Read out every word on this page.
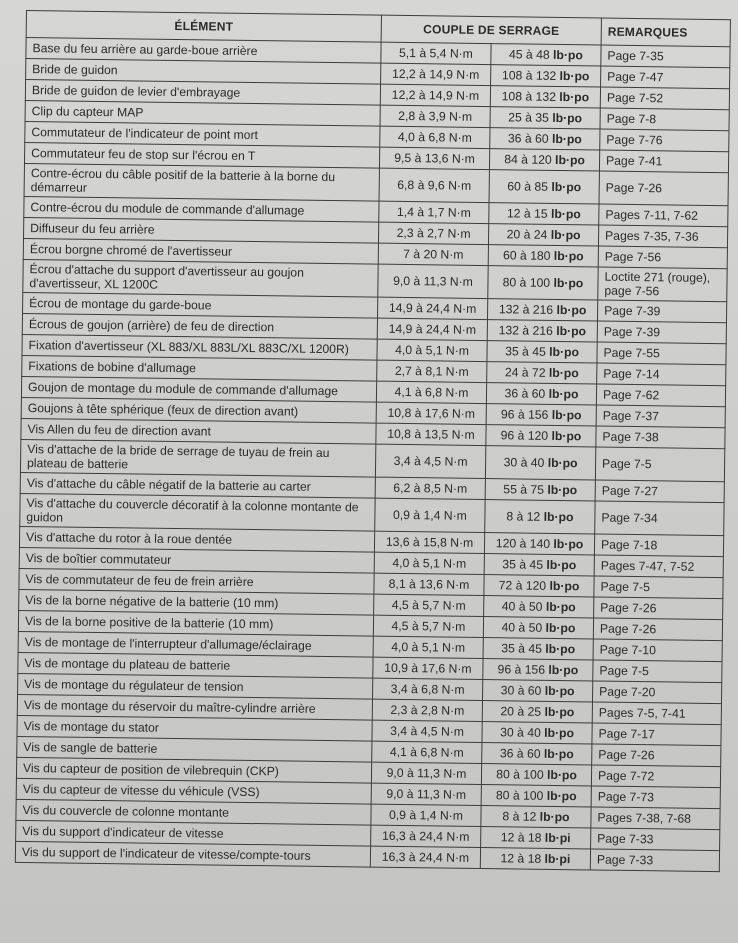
ÉLÉMENT	COUPLE DE SERRAGE		REMARQUES
Base du feu arrière au garde-boue arrière	5,1 à 5,4 N·m	45 à 48 lb·po	Page 7-35
Bride de guidon	12,2 à 14,9 N·m	108 à 132 lb·po	Page 7-47
Bride de guidon de levier d'embrayage	12,2 à 14,9 N·m	108 à 132 lb·po	Page 7-52
Clip du capteur MAP	2,8 à 3,9 N·m	25 à 35 lb·po	Page 7-8
Commutateur de l'indicateur de point mort	4,0 à 6,8 N·m	36 à 60 lb·po	Page 7-76
Commutateur feu de stop sur l'écrou en T	9,5 à 13,6 N·m	84 à 120 lb·po	Page 7-41
Contre-écrou du câble positif de la batterie à la borne du démarreur	6,8 à 9,6 N·m	60 à 85 lb·po	Page 7-26
Contre-écrou du module de commande d'allumage	1,4 à 1,7 N·m	12 à 15 lb·po	Pages 7-11, 7-62
Diffuseur du feu arrière	2,3 à 2,7 N·m	20 à 24 lb·po	Pages 7-35, 7-36
Écrou borgne chromé de l'avertisseur	7 à 20 N·m	60 à 180 lb·po	Page 7-56
Écrou d'attache du support d'avertisseur au goujon d'avertisseur, XL 1200C	9,0 à 11,3 N·m	80 à 100 lb·po	Loctite 271 (rouge), page 7-56
Écrou de montage du garde-boue	14,9 à 24,4 N·m	132 à 216 lb·po	Page 7-39
Écrous de goujon (arrière) de feu de direction	14,9 à 24,4 N·m	132 à 216 lb·po	Page 7-39
Fixation d'avertisseur (XL 883/XL 883L/XL 883C/XL 1200R)	4,0 à 5,1 N·m	35 à 45 lb·po	Page 7-55
Fixations de bobine d'allumage	2,7 à 8,1 N·m	24 à 72 lb·po	Page 7-14
Goujon de montage du module de commande d'allumage	4,1 à 6,8 N·m	36 à 60 lb·po	Page 7-62
Goujons à tête sphérique (feux de direction avant)	10,8 à 17,6 N·m	96 à 156 lb·po	Page 7-37
Vis Allen du feu de direction avant	10,8 à 13,5 N·m	96 à 120 lb·po	Page 7-38
Vis d'attache de la bride de serrage de tuyau de frein au plateau de batterie	3,4 à 4,5 N·m	30 à 40 lb·po	Page 7-5
Vis d'attache du câble négatif de la batterie au carter	6,2 à 8,5 N·m	55 à 75 lb·po	Page 7-27
Vis d'attache du couvercle décoratif à la colonne montante de guidon	0,9 à 1,4 N·m	8 à 12 lb·po	Page 7-34
Vis d'attache du rotor à la roue dentée	13,6 à 15,8 N·m	120 à 140 lb·po	Page 7-18
Vis de boîtier commutateur	4,0 à 5,1 N·m	35 à 45 lb·po	Pages 7-47, 7-52
Vis de commutateur de feu de frein arrière	8,1 à 13,6 N·m	72 à 120 lb·po	Page 7-5
Vis de la borne négative de la batterie (10 mm)	4,5 à 5,7 N·m	40 à 50 lb·po	Page 7-26
Vis de la borne positive de la batterie (10 mm)	4,5 à 5,7 N·m	40 à 50 lb·po	Page 7-26
Vis de montage de l'interrupteur d'allumage/éclairage	4,0 à 5,1 N·m	35 à 45 lb·po	Page 7-10
Vis de montage du plateau de batterie	10,9 à 17,6 N·m	96 à 156 lb·po	Page 7-5
Vis de montage du régulateur de tension	3,4 à 6,8 N·m	30 à 60 lb·po	Page 7-20
Vis de montage du réservoir du maître-cylindre arrière	2,3 à 2,8 N·m	20 à 25 lb·po	Pages 7-5, 7-41
Vis de montage du stator	3,4 à 4,5 N·m	30 à 40 lb·po	Page 7-17
Vis de sangle de batterie	4,1 à 6,8 N·m	36 à 60 lb·po	Page 7-26
Vis du capteur de position de vilebrequin (CKP)	9,0 à 11,3 N·m	80 à 100 lb·po	Page 7-72
Vis du capteur de vitesse du véhicule (VSS)	9,0 à 11,3 N·m	80 à 100 lb·po	Page 7-73
Vis du couvercle de colonne montante	0,9 à 1,4 N·m	8 à 12 lb·po	Pages 7-38, 7-68
Vis du support d'indicateur de vitesse	16,3 à 24,4 N·m	12 à 18 lb·pi	Page 7-33
Vis du support de l'indicateur de vitesse/compte-tours	16,3 à 24,4 N·m	12 à 18 lb·pi	Page 7-33
